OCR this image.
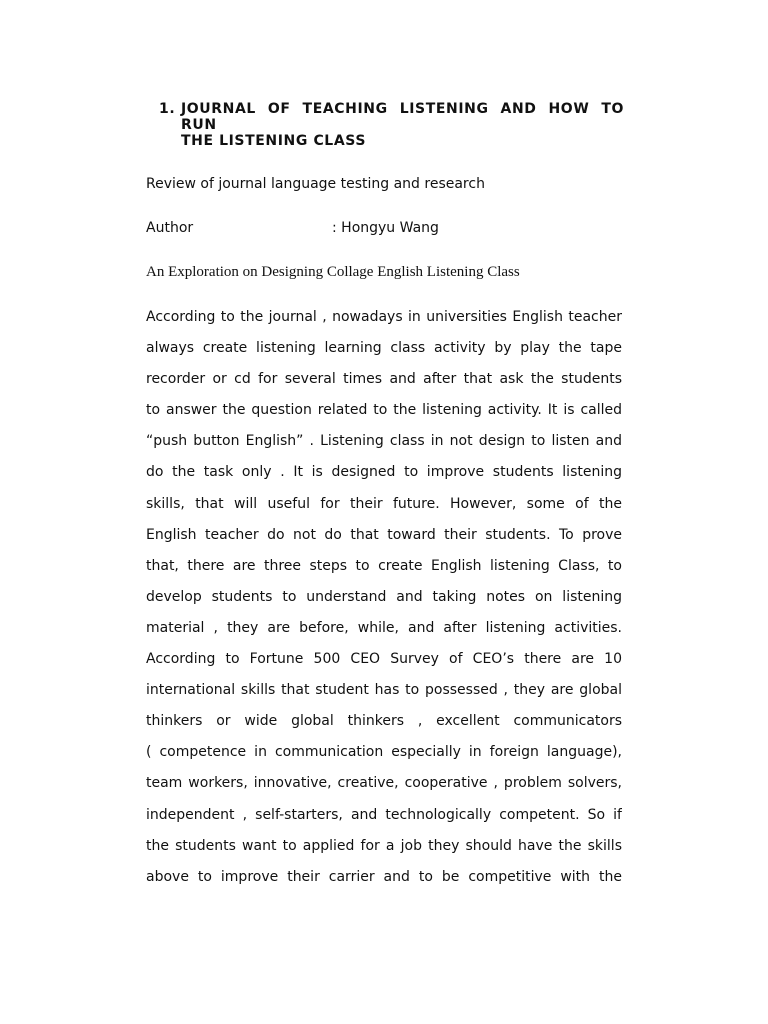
1. JOURNAL OF TEACHING LISTENING AND HOW TO RUN
THE LISTENING CLASS

Review of journal language testing and research

Author	: Hongyu Wang

An Exploration on Designing Collage English Listening Class

According to the journal , nowadays in universities English teacher
always create listening learning class activity by play the tape
recorder or cd for several times and after that ask the students
to answer the question related to the listening activity. It is called
“push button English” . Listening class in not design to listen and
do the task only . It is designed to improve students listening
skills, that will useful for their future. However, some of the
English teacher do not do that toward their students. To prove
that, there are three steps to create English listening Class, to
develop students to understand and taking notes on listening
material , they are before, while, and after listening activities.
According to Fortune 500 CEO Survey of CEO’s there are 10
international skills that student has to possessed , they are global
thinkers or wide global thinkers , excellent communicators
( competence in communication especially in foreign language),
team workers, innovative, creative, cooperative , problem solvers,
independent , self-starters, and technologically competent. So if
the students want to applied for a job they should have the skills
above to improve their carrier and to be competitive with the
